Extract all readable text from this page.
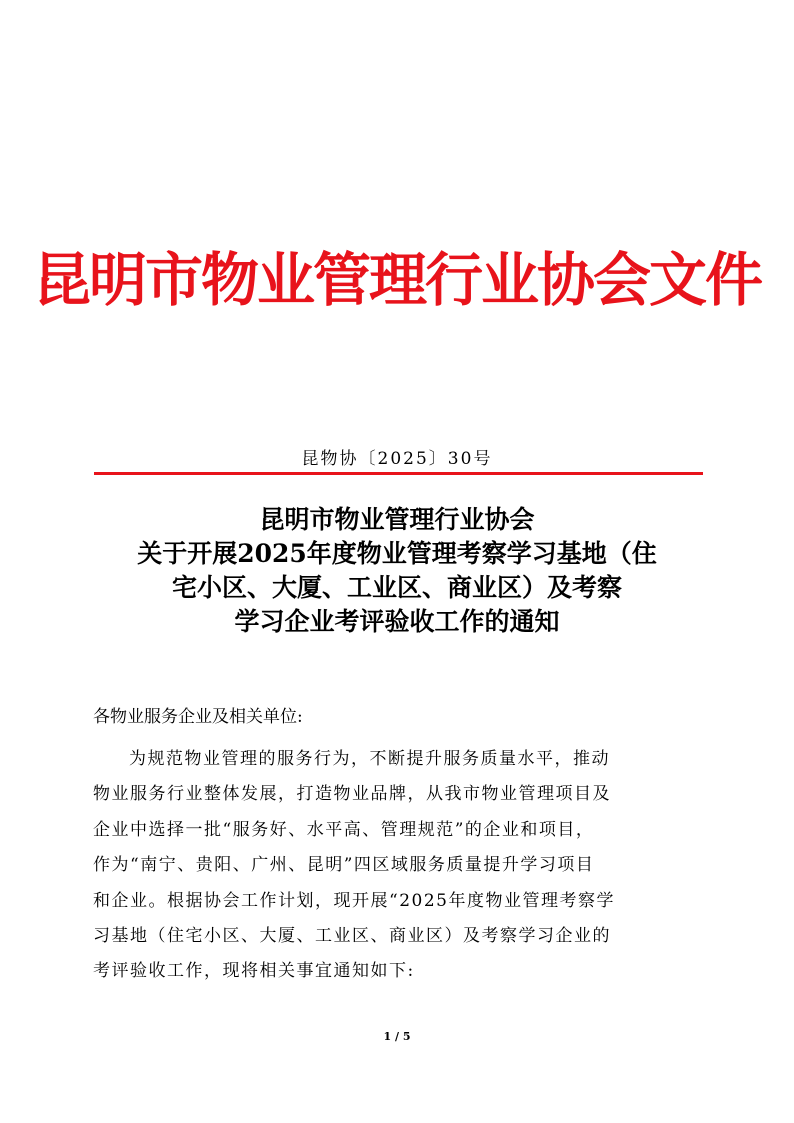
昆明市物业管理行业协会文件
昆物协〔2025〕30号
昆明市物业管理行业协会
关于开展2025年度物业管理考察学习基地（住
宅小区、大厦、工业区、商业区）及考察
学习企业考评验收工作的通知
各物业服务企业及相关单位:
为规范物业管理的服务行为，不断提升服务质量水平，推动
物业服务行业整体发展，打造物业品牌，从我市物业管理项目及
企业中选择一批“服务好、水平高、管理规范”的企业和项目，
作为“南宁、贵阳、广州、昆明”四区域服务质量提升学习项目
和企业。根据协会工作计划，现开展“2025年度物业管理考察学
习基地（住宅小区、大厦、工业区、商业区）及考察学习企业的
考评验收工作，现将相关事宜通知如下:
1 / 5
